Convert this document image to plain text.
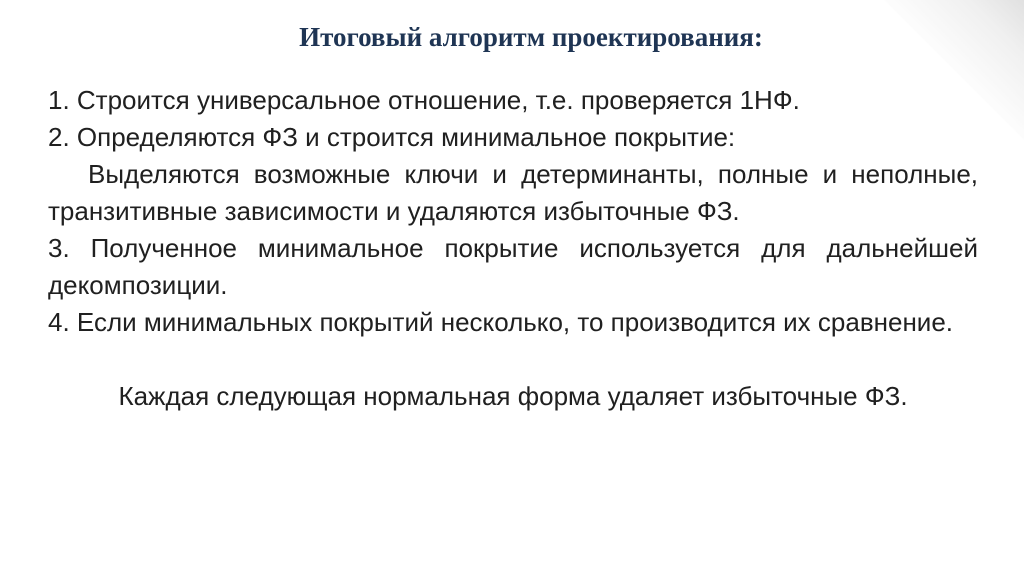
Итоговый алгоритм проектирования:

1. Строится универсальное отношение, т.е. проверяется 1НФ.

2. Определяются ФЗ и строится минимальное покрытие:

Выделяются возможные ключи и детерминанты, полные и неполные, транзитивные зависимости и удаляются избыточные ФЗ.

3. Полученное минимальное покрытие используется для дальнейшей декомпозиции.

4. Если минимальных покрытий несколько, то производится их сравнение.

Каждая следующая нормальная форма удаляет избыточные ФЗ.
